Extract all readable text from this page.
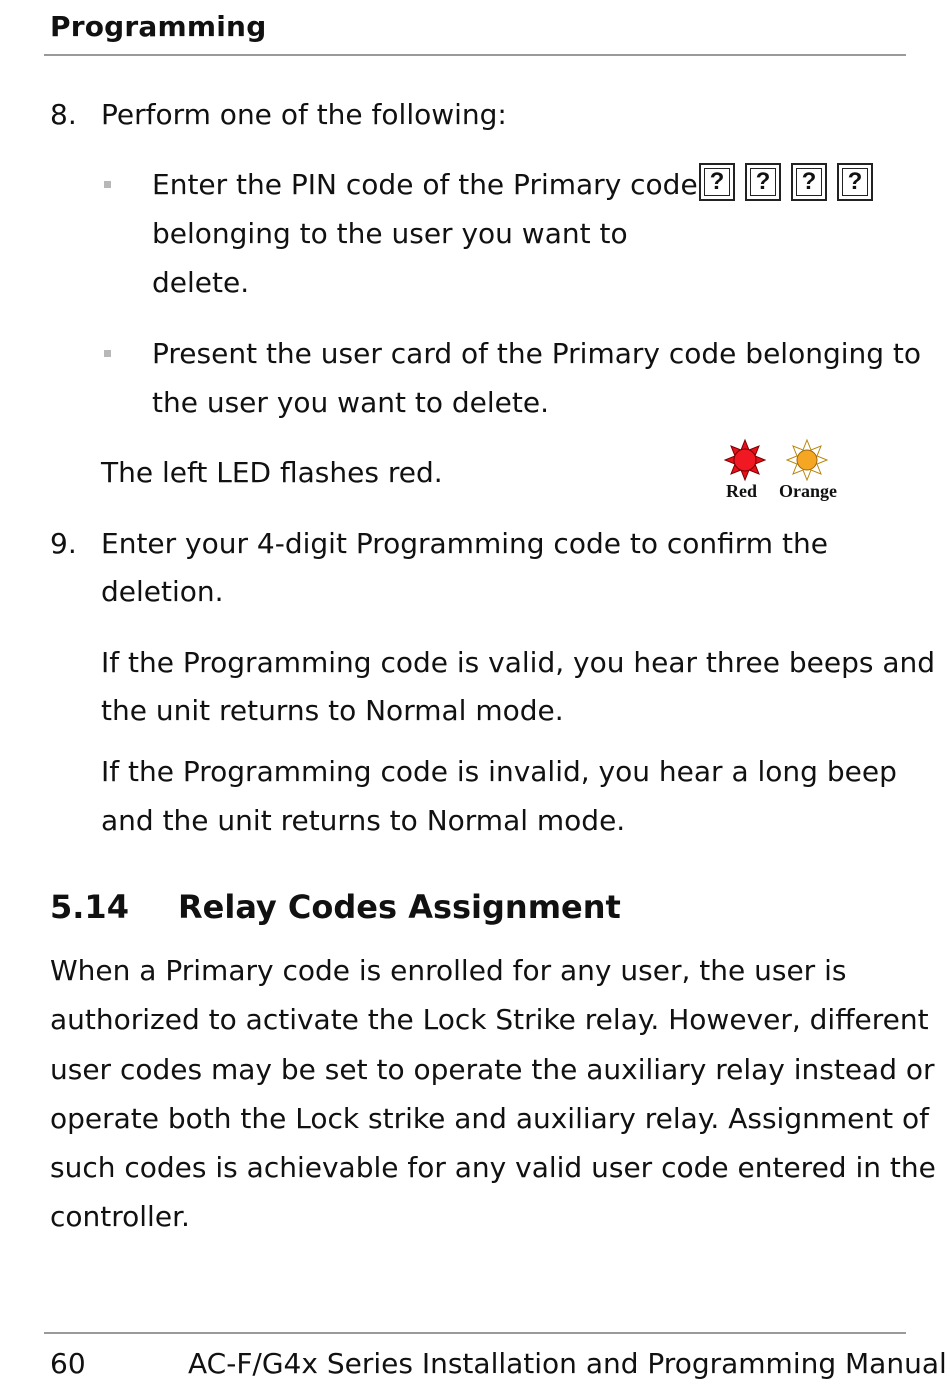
Programming
8. Perform one of the following:
Enter the PIN code of the Primary code
belonging to the user you want to
delete.
? ? ? ?
Present the user card of the Primary code belonging to
the user you want to delete.
The left LED flashes red.
Red Orange
9. Enter your 4-digit Programming code to confirm the
deletion.
If the Programming code is valid, you hear three beeps and
the unit returns to Normal mode.
If the Programming code is invalid, you hear a long beep
and the unit returns to Normal mode.
5.14 Relay Codes Assignment
When a Primary code is enrolled for any user, the user is
authorized to activate the Lock Strike relay. However, different
user codes may be set to operate the auxiliary relay instead or
operate both the Lock strike and auxiliary relay. Assignment of
such codes is achievable for any valid user code entered in the
controller.
60	AC-F/G4x Series Installation and Programming Manual
